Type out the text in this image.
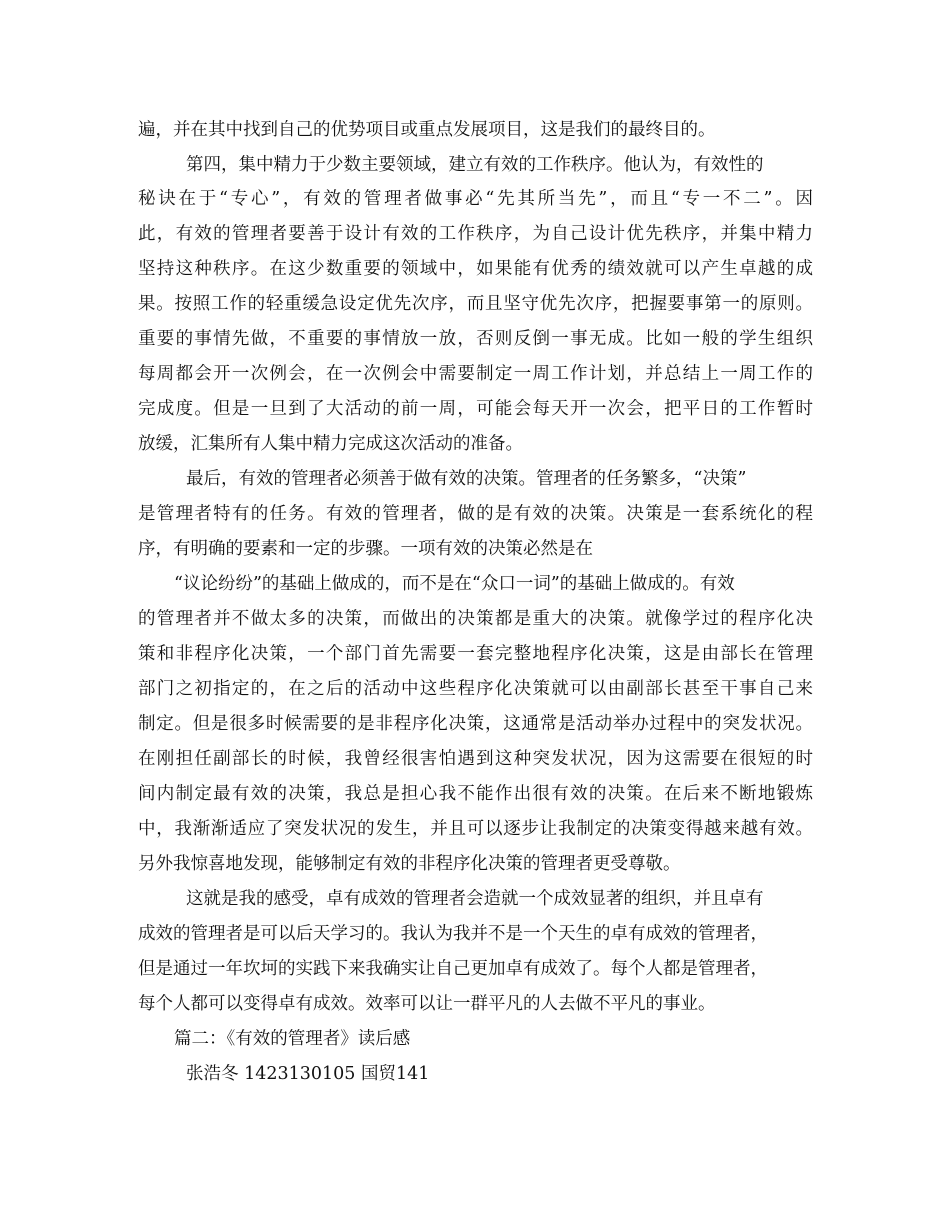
遍，并在其中找到自己的优势项目或重点发展项目，这是我们的最终目的。
第四，集中精力于少数主要领域，建立有效的工作秩序。他认为，有效性的
秘诀在于“专心”，有效的管理者做事必“先其所当先”，而且“专一不二”。因
此，有效的管理者要善于设计有效的工作秩序，为自己设计优先秩序，并集中精力
坚持这种秩序。在这少数重要的领域中，如果能有优秀的绩效就可以产生卓越的成
果。按照工作的轻重缓急设定优先次序，而且坚守优先次序，把握要事第一的原则。
重要的事情先做，不重要的事情放一放，否则反倒一事无成。比如一般的学生组织
每周都会开一次例会，在一次例会中需要制定一周工作计划，并总结上一周工作的
完成度。但是一旦到了大活动的前一周，可能会每天开一次会，把平日的工作暂时
放缓，汇集所有人集中精力完成这次活动的准备。
最后，有效的管理者必须善于做有效的决策。管理者的任务繁多，“决策”
是管理者特有的任务。有效的管理者，做的是有效的决策。决策是一套系统化的程
序，有明确的要素和一定的步骤。一项有效的决策必然是在
“议论纷纷”的基础上做成的，而不是在“众口一词”的基础上做成的。有效
的管理者并不做太多的决策，而做出的决策都是重大的决策。就像学过的程序化决
策和非程序化决策，一个部门首先需要一套完整地程序化决策，这是由部长在管理
部门之初指定的，在之后的活动中这些程序化决策就可以由副部长甚至干事自己来
制定。但是很多时候需要的是非程序化决策，这通常是活动举办过程中的突发状况。
在刚担任副部长的时候，我曾经很害怕遇到这种突发状况，因为这需要在很短的时
间内制定最有效的决策，我总是担心我不能作出很有效的决策。在后来不断地锻炼
中，我渐渐适应了突发状况的发生，并且可以逐步让我制定的决策变得越来越有效。
另外我惊喜地发现，能够制定有效的非程序化决策的管理者更受尊敬。
这就是我的感受，卓有成效的管理者会造就一个成效显著的组织，并且卓有
成效的管理者是可以后天学习的。我认为我并不是一个天生的卓有成效的管理者，
但是通过一年坎坷的实践下来我确实让自己更加卓有成效了。每个人都是管理者，
每个人都可以变得卓有成效。效率可以让一群平凡的人去做不平凡的事业。
篇二：《有效的管理者》读后感
张浩冬 1423130105 国贸141
